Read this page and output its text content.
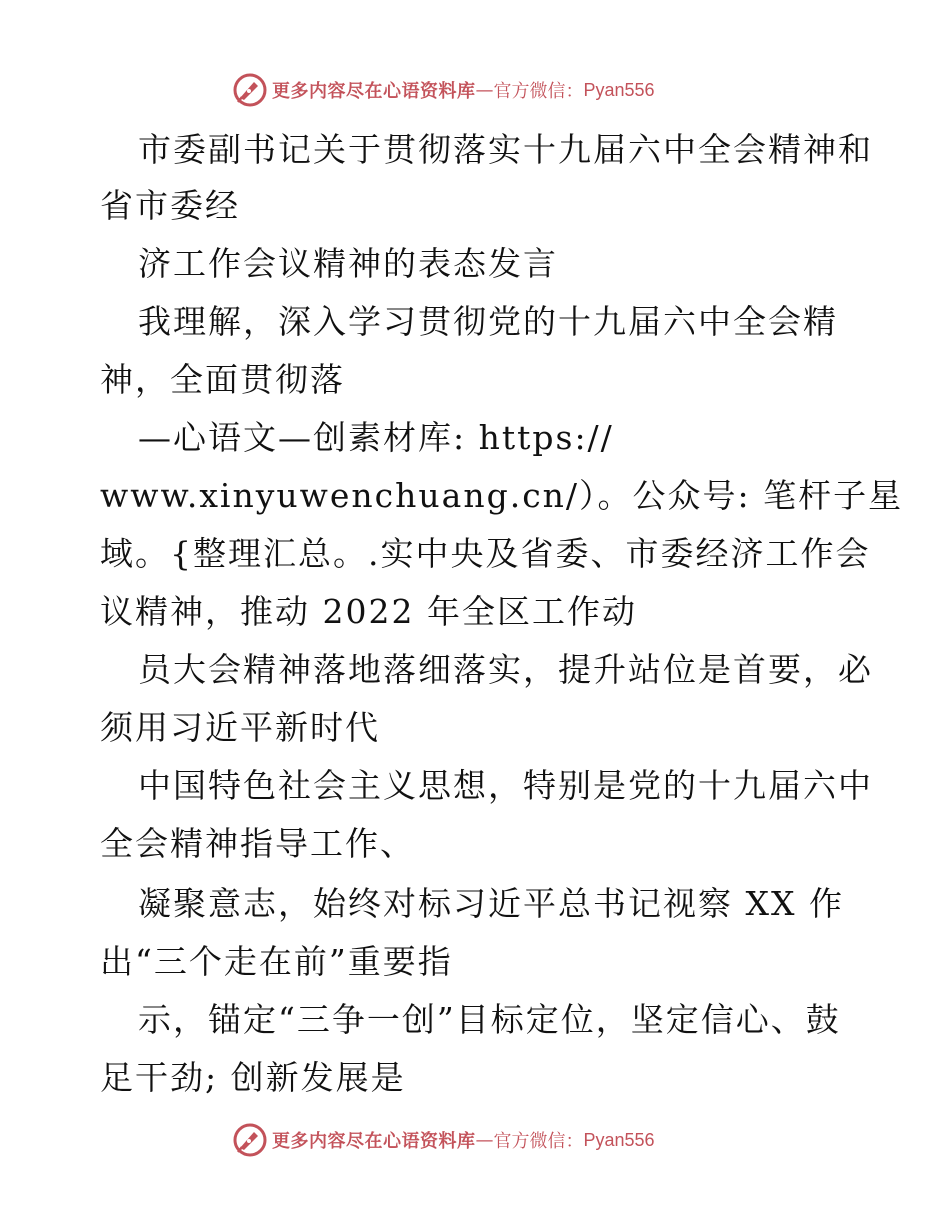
更多内容尽在心语资料库 — 官方微信： Pyan556
市委副书记关于贯彻落实十九届六中全会精神和
省市委经
济工作会议精神的表态发言
我理解，深入学习贯彻党的十九届六中全会精
神，全面贯彻落
—心语文—创素材库: https://
www.xinyuwenchuang.cn/）。公众号: 笔杆子星
域。{整理汇总。.实中央及省委、市委经济工作会
议精神，推动 2022 年全区工作动
员大会精神落地落细落实，提升站位是首要，必
须用习近平新时代
中国特色社会主义思想，特别是党的十九届六中
全会精神指导工作、
凝聚意志，始终对标习近平总书记视察 XX 作
出“三个走在前”重要指
示，锚定“三争一创”目标定位，坚定信心、鼓
足干劲; 创新发展是
更多内容尽在心语资料库 — 官方微信： Pyan556
